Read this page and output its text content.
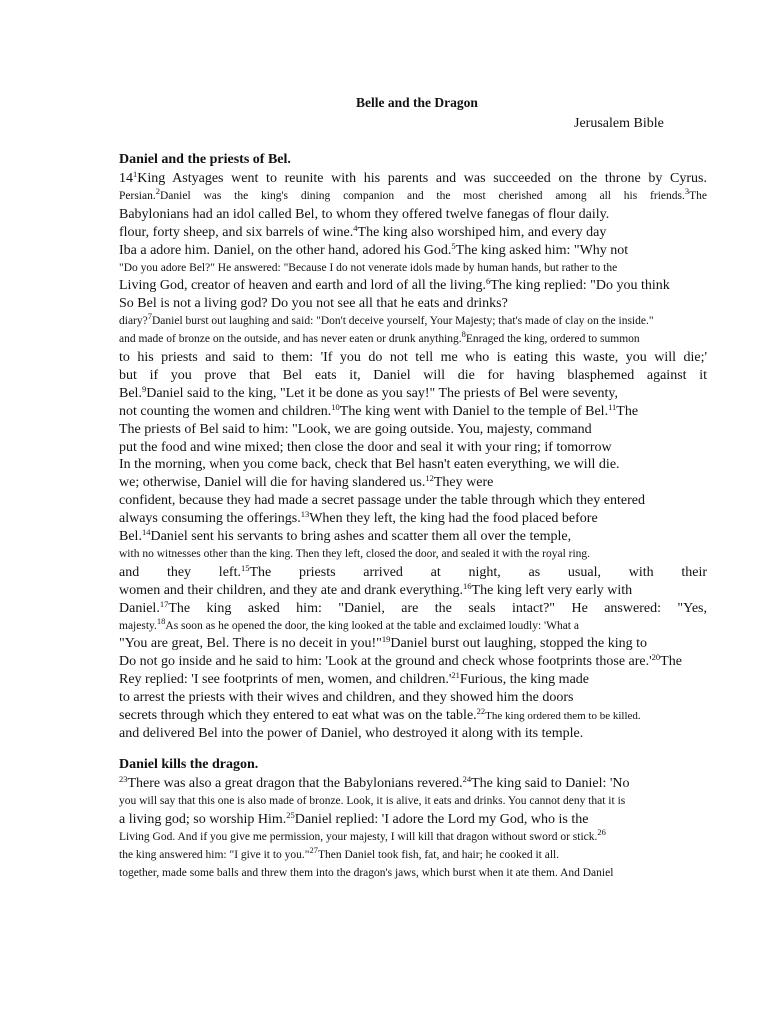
Belle and the Dragon
Jerusalem Bible
Daniel and the priests of Bel.
Daniel kills the dragon.
$14^1King$ Astyages went to reunite with his parents and was succeeded on the throne by Cyrus.
Persian.$^2$Daniel was the king's dining companion and the most cherished among all his friends.$^3$The
Babylonians had an idol called Bel, to whom they offered twelve fanegas of flour daily.
flour, forty sheep, and six barrels of wine.$^4$The king also worshiped him, and every day
Iba a adore him. Daniel, on the other hand, adored his God.$^5$The king asked him: "Why not
"Do you adore Bel?" He answered: "Because I do not venerate idols made by human hands, but rather to the
Living God, creator of heaven and earth and lord of all the living.$^6$The king replied: "Do you think
So Bel is not a living god? Do you not see all that he eats and drinks?
diary?$^7$Daniel burst out laughing and said: "Don't deceive yourself, Your Majesty; that's made of clay on the inside."
and made of bronze on the outside, and has never eaten or drunk anything.$^8$Enraged the king, ordered to summon
to his priests and said to them: 'If you do not tell me who is eating this waste, you will die;'
but if you prove that Bel eats it, Daniel will die for having blasphemed against it
Bel.$^9$Daniel said to the king, "Let it be done as you say!" The priests of Bel were seventy,
not counting the women and children.$^{10}$The king went with Daniel to the temple of Bel.$^{11}$The
The priests of Bel said to him: "Look, we are going outside. You, majesty, command
put the food and wine mixed; then close the door and seal it with your ring; if tomorrow
In the morning, when you come back, check that Bel hasn't eaten everything, we will die.
we; otherwise, Daniel will die for having slandered us.$^{12}$They were
confident, because they had made a secret passage under the table through which they entered
always consuming the offerings.$^{13}$When they left, the king had the food placed before
Bel.$^{14}$Daniel sent his servants to bring ashes and scatter them all over the temple,
with no witnesses other than the king. Then they left, closed the door, and sealed it with the royal ring.
and they left.$^{15}$The priests arrived at night, as usual, with their
women and their children, and they ate and drank everything.$^{16}$The king left very early with
Daniel.$^{17}$The king asked him: "Daniel, are the seals intact?" He answered: "Yes,
majesty.$^{18}$As soon as he opened the door, the king looked at the table and exclaimed loudly: 'What a
"You are great, Bel. There is no deceit in you!"$^{19}$Daniel burst out laughing, stopped the king to
Do not go inside and he said to him: 'Look at the ground and check whose footprints those $are.'^{20}The$
Rey replied: 'I see footprints of men, women, and $children.'^{21}Furious$, the king made
to arrest the priests with their wives and children, and they showed him the doors
secrets through which they entered to eat what was on the table.$^{22}$The king ordered them to be killed.
and delivered Bel into the power of Daniel, who destroyed it along with its temple.
$^{23}$There was also a great dragon that the Babylonians revered.$^{24}$The king said to Daniel: 'No
you will say that this one is also made of bronze. Look, it is alive, it eats and drinks. You cannot deny that it is
a living god; so worship Him.$^{25}$Daniel replied: 'I adore the Lord my God, who is the
Living God. And if you give me permission, your majesty, I will kill that dragon without sword or stick.$^{26}$
the king answered him: "I give it to you."$^{27}$Then Daniel took fish, fat, and hair; he cooked it all.
together, made some balls and threw them into the dragon's jaws, which burst when it ate them. And Daniel
